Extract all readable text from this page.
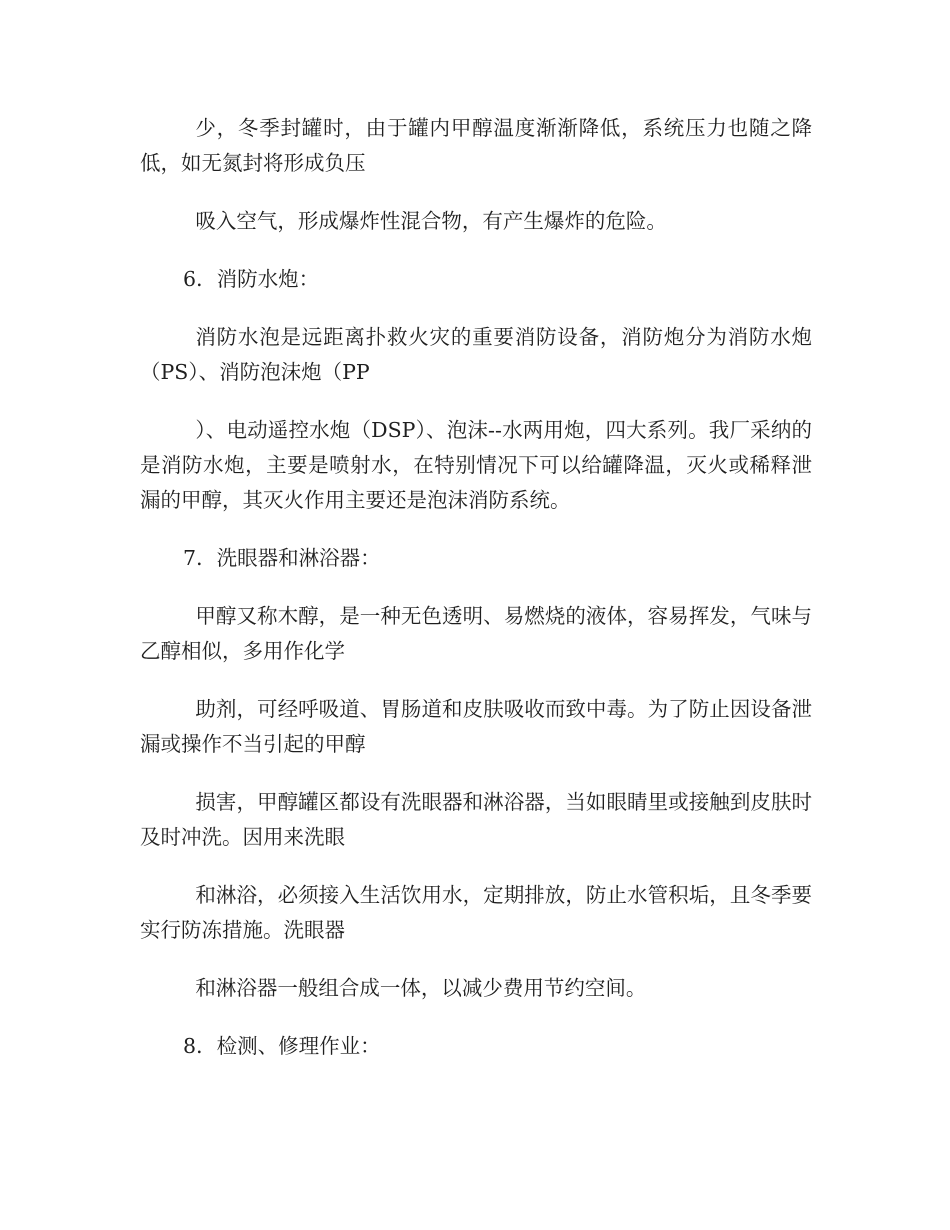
少，冬季封罐时，由于罐内甲醇温度渐渐降低，系统压力也随之降低，如无氮封将形成负压

吸入空气，形成爆炸性混合物，有产生爆炸的危险。

6．消防水炮：

消防水泡是远距离扑救火灾的重要消防设备，消防炮分为消防水炮（PS）、消防泡沫炮（PP

）、电动遥控水炮（DSP）、泡沫--水两用炮，四大系列。我厂采纳的是消防水炮，主要是喷射水，在特别情况下可以给罐降温，灭火或稀释泄漏的甲醇，其灭火作用主要还是泡沫消防系统。

7．洗眼器和淋浴器：

甲醇又称木醇，是一种无色透明、易燃烧的液体，容易挥发，气味与乙醇相似，多用作化学

助剂，可经呼吸道、胃肠道和皮肤吸收而致中毒。为了防止因设备泄漏或操作不当引起的甲醇

损害，甲醇罐区都设有洗眼器和淋浴器，当如眼睛里或接触到皮肤时及时冲洗。因用来洗眼

和淋浴，必须接入生活饮用水，定期排放，防止水管积垢，且冬季要实行防冻措施。洗眼器

和淋浴器一般组合成一体，以减少费用节约空间。

8．检测、修理作业：
